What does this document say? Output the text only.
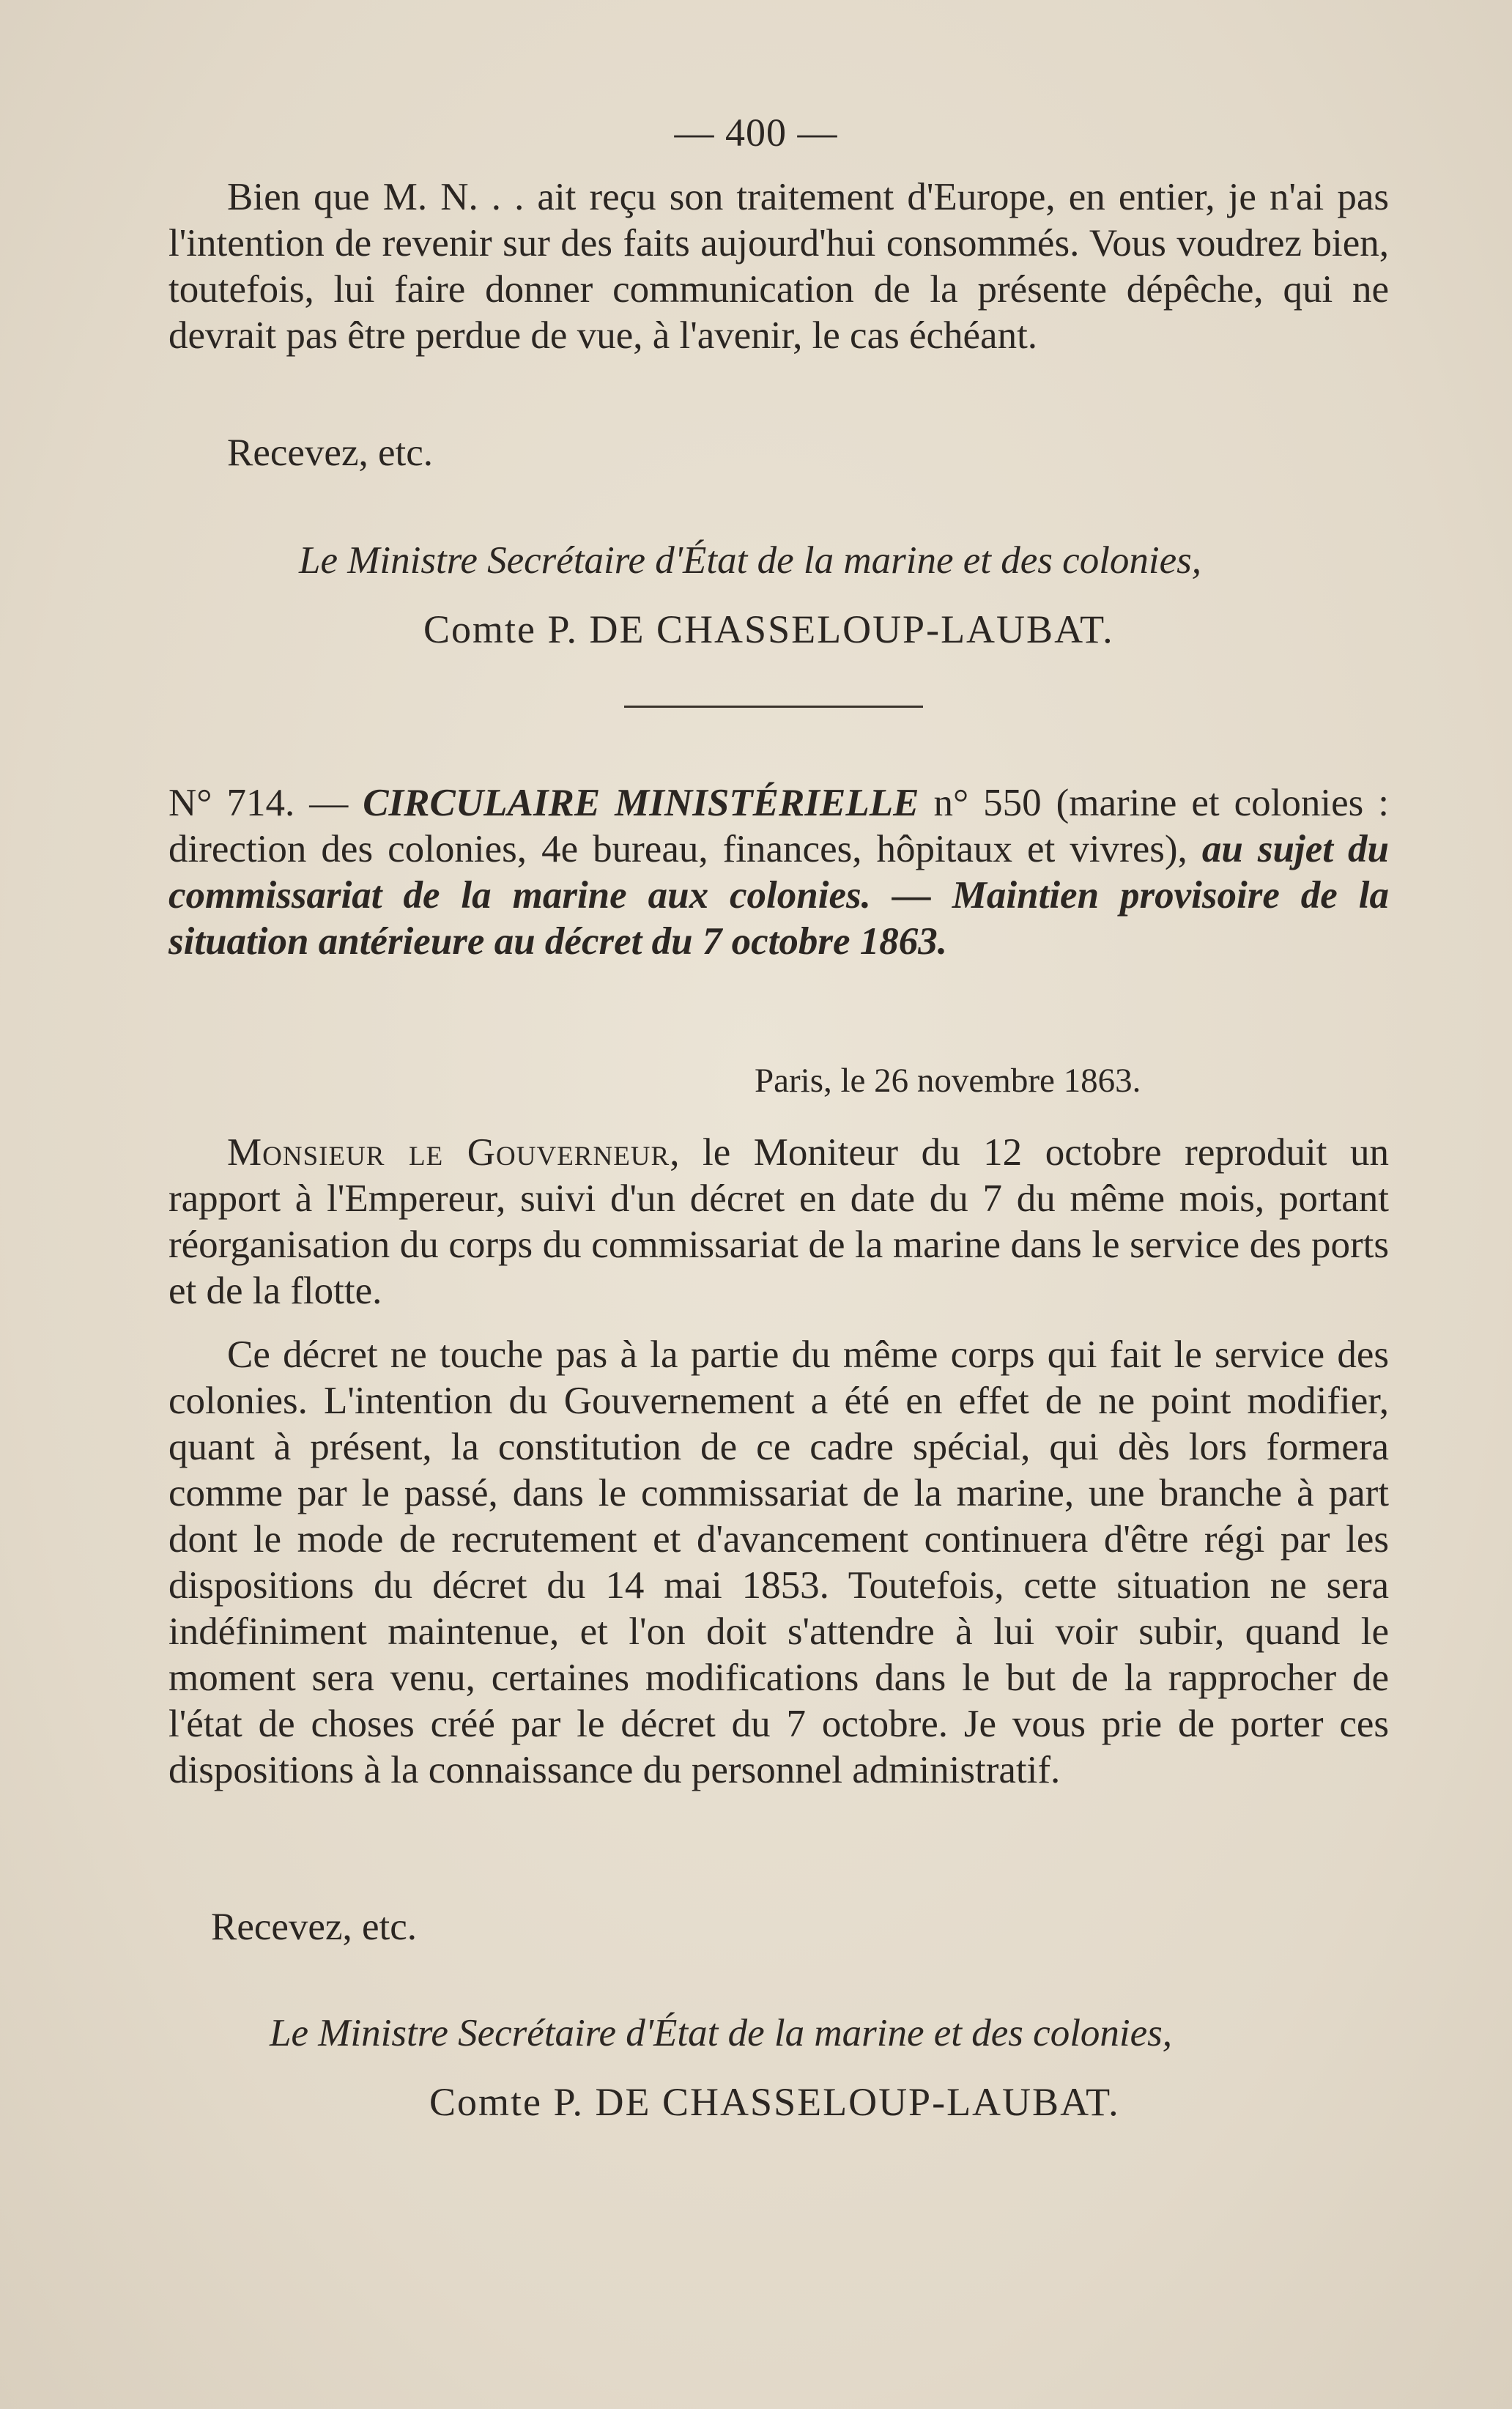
— 400 —

Bien que M. N. . . ait reçu son traitement d'Europe, en entier, je n'ai pas l'intention de revenir sur des faits aujourd'hui consommés. Vous voudrez bien, toutefois, lui faire donner communication de la présente dépêche, qui ne devrait pas être perdue de vue, à l'avenir, le cas échéant.

Recevez, etc.
Le Ministre Secrétaire d'État de la marine et des colonies,
Comte P. DE CHASSELOUP-LAUBAT.

N° 714. — CIRCULAIRE MINISTÉRIELLE n° 550 (marine et colonies : direction des colonies, 4e bureau, finances, hôpitaux et vivres), au sujet du commissariat de la marine aux colonies. — Maintien provisoire de la situation antérieure au décret du 7 octobre 1863.

Paris, le 26 novembre 1863.

Monsieur le Gouverneur, le Moniteur du 12 octobre reproduit un rapport à l'Empereur, suivi d'un décret en date du 7 du même mois, portant réorganisation du corps du commissariat de la marine dans le service des ports et de la flotte.

Ce décret ne touche pas à la partie du même corps qui fait le service des colonies. L'intention du Gouvernement a été en effet de ne point modifier, quant à présent, la constitution de ce cadre spécial, qui dès lors formera comme par le passé, dans le commissariat de la marine, une branche à part dont le mode de recrutement et d'avancement continuera d'être régi par les dispositions du décret du 14 mai 1853. Toutefois, cette situation ne sera indéfiniment maintenue, et l'on doit s'attendre à lui voir subir, quand le moment sera venu, certaines modifications dans le but de la rapprocher de l'état de choses créé par le décret du 7 octobre. Je vous prie de porter ces dispositions à la connaissance du personnel administratif.

Recevez, etc.
Le Ministre Secrétaire d'État de la marine et des colonies,
Comte P. DE CHASSELOUP-LAUBAT.
